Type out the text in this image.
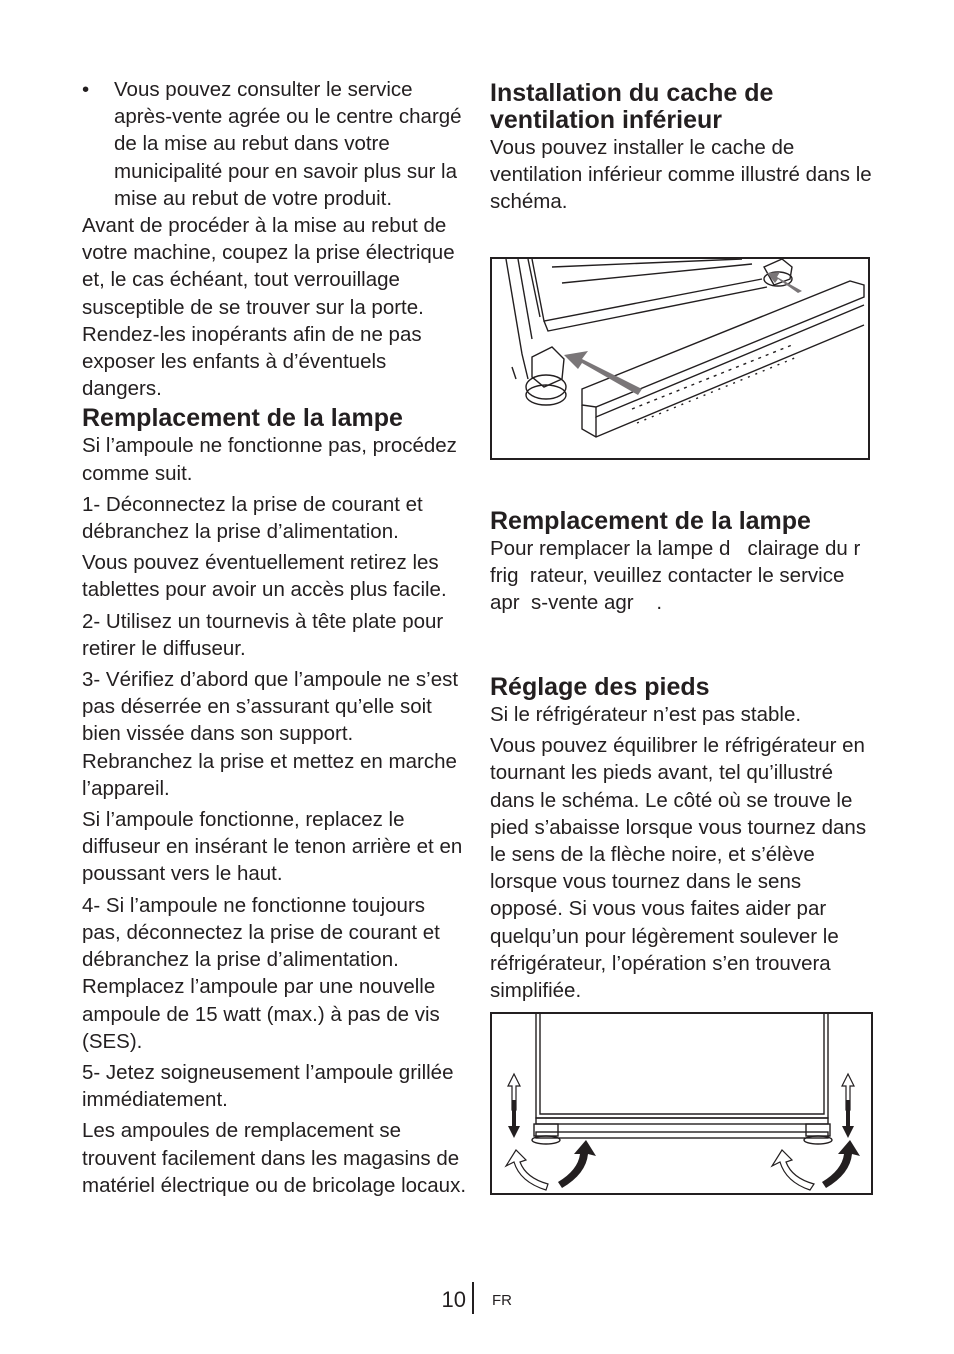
• Vous pouvez consulter le service après-vente agrée ou le centre chargé de la mise au rebut dans votre municipalité pour en savoir plus sur la mise au rebut de votre produit.

Avant de procéder à la mise au rebut de votre machine, coupez la prise électrique et, le cas échéant, tout verrouillage susceptible de se trouver sur la porte. Rendez-les inopérants afin de ne pas exposer les enfants à d’éventuels dangers.

Remplacement de la lampe

Si l’ampoule ne fonctionne pas, procédez comme suit.

1- Déconnectez la prise de courant et débranchez la prise d’alimentation.

Vous pouvez éventuellement retirez les tablettes pour avoir un accès plus facile.

2- Utilisez un tournevis à tête plate pour retirer le diffuseur.

3- Vérifiez d’abord que l’ampoule ne s’est pas déserrée en s’assurant qu’elle soit bien vissée dans son support. Rebranchez la prise et mettez en marche l’appareil.

Si l’ampoule fonctionne, replacez le diffuseur en insérant le tenon arrière et en poussant vers le haut.

4- Si l’ampoule ne fonctionne toujours pas, déconnectez la prise de courant et débranchez la prise d’alimentation. Remplacez l’ampoule par une nouvelle ampoule de 15 watt (max.) à pas de vis (SES).

5- Jetez soigneusement l’ampoule grillée immédiatement.

Les ampoules de remplacement se trouvent facilement dans les magasins de matériel électrique ou de bricolage locaux.

Installation du cache de ventilation inférieur

Vous pouvez installer le cache de ventilation inférieur comme illustré dans le schéma.

Remplacement de la lampe

Pour remplacer la lampe d   clairage du r  frig  rateur, veuillez contacter le service apr  s-vente agr    .

Réglage des pieds

Si le réfrigérateur n’est pas stable.

Vous pouvez équilibrer le réfrigérateur en tournant les pieds avant, tel qu’illustré dans le schéma. Le côté où se trouve le pied s’abaisse lorsque vous tournez dans le sens de la flèche noire, et s’élève lorsque vous tournez dans le sens opposé. Si vous vous faites aider par quelqu’un pour légèrement soulever le réfrigérateur, l’opération s’en trouvera simplifiée.

10 FR
